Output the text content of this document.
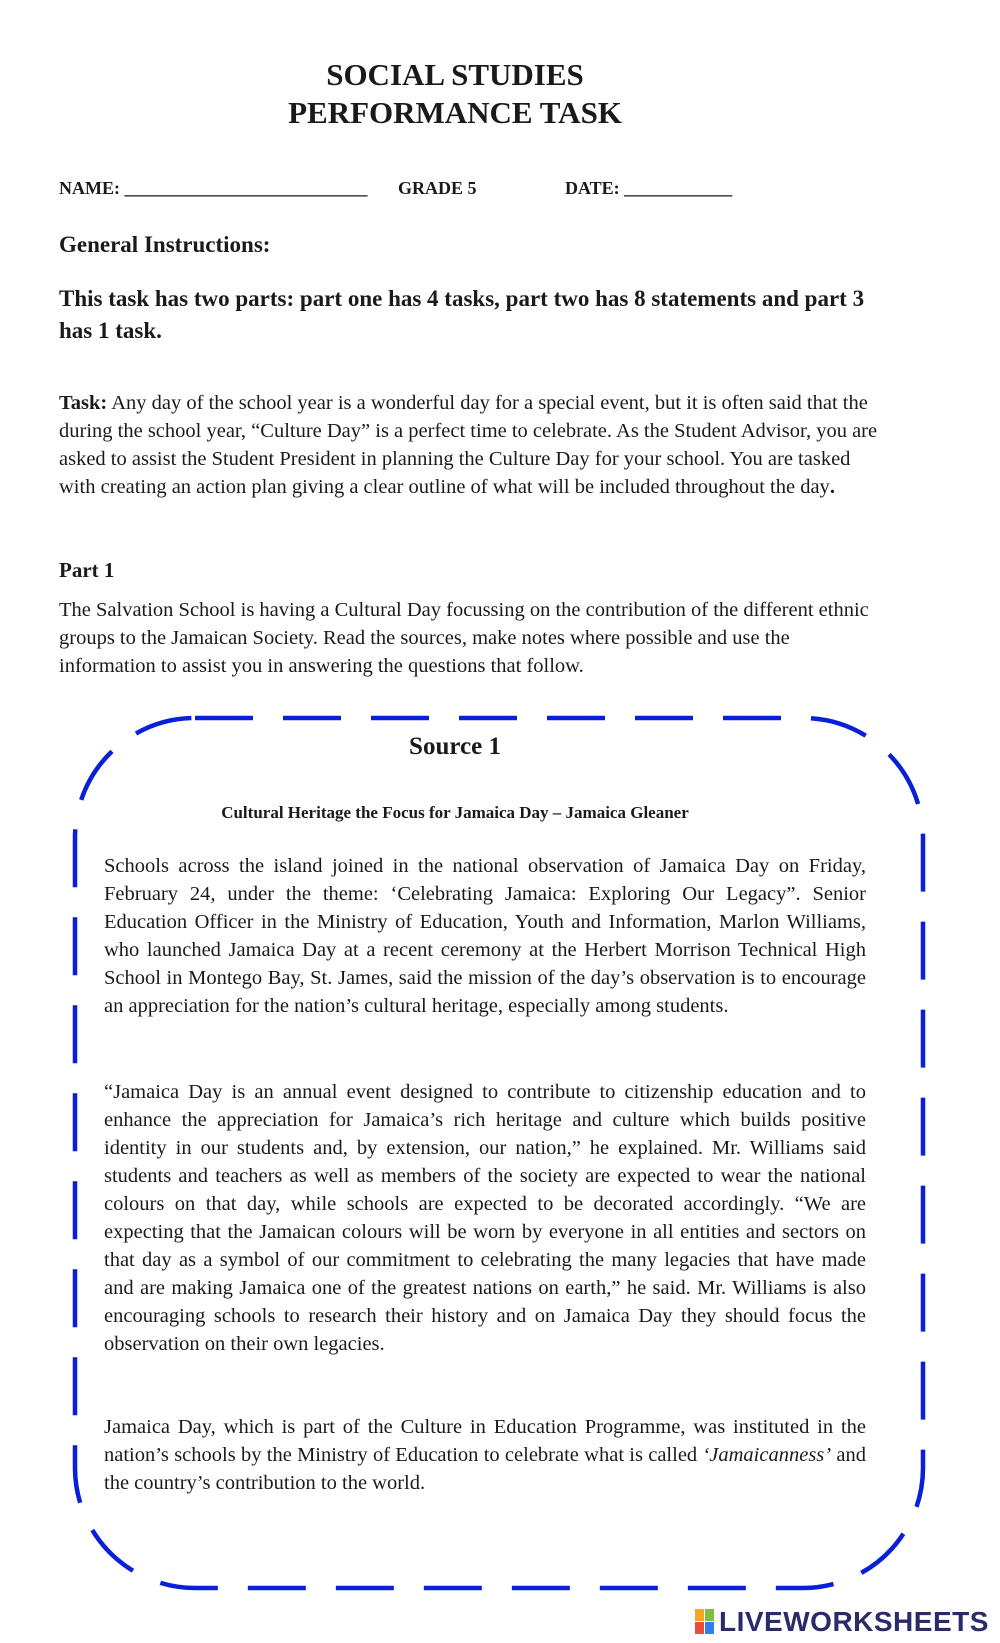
SOCIAL STUDIES
PERFORMANCE TASK
NAME: ___________________________ GRADE 5	DATE: ____________
General Instructions:
This task has two parts: part one has 4 tasks, part two has 8 statements and part 3 has 1 task.
Task: Any day of the school year is a wonderful day for a special event, but it is often said that the during the school year, “Culture Day” is a perfect time to celebrate. As the Student Advisor, you are asked to assist the Student President in planning the Culture Day for your school. You are tasked with creating an action plan giving a clear outline of what will be included throughout the day.
Part 1
The Salvation School is having a Cultural Day focussing on the contribution of the different ethnic groups to the Jamaican Society. Read the sources, make notes where possible and use the information to assist you in answering the questions that follow.
Source 1
Cultural Heritage the Focus for Jamaica Day – Jamaica Gleaner
Schools across the island joined in the national observation of Jamaica Day on Friday, February 24, under the theme: ‘Celebrating Jamaica: Exploring Our Legacy”. Senior Education Officer in the Ministry of Education, Youth and Information, Marlon Williams, who launched Jamaica Day at a recent ceremony at the Herbert Morrison Technical High School in Montego Bay, St. James, said the mission of the day’s observation is to encourage an appreciation for the nation’s cultural heritage, especially among students.
“Jamaica Day is an annual event designed to contribute to citizenship education and to enhance the appreciation for Jamaica’s rich heritage and culture which builds positive identity in our students and, by extension, our nation,” he explained. Mr. Williams said students and teachers as well as members of the society are expected to wear the national colours on that day, while schools are expected to be decorated accordingly. “We are expecting that the Jamaican colours will be worn by everyone in all entities and sectors on that day as a symbol of our commitment to celebrating the many legacies that have made and are making Jamaica one of the greatest nations on earth,” he said. Mr. Williams is also encouraging schools to research their history and on Jamaica Day they should focus the observation on their own legacies.
Jamaica Day, which is part of the Culture in Education Programme, was instituted in the nation’s schools by the Ministry of Education to celebrate what is called ‘Jamaicanness’ and the country’s contribution to the world.
LIVEWORKSHEETS
